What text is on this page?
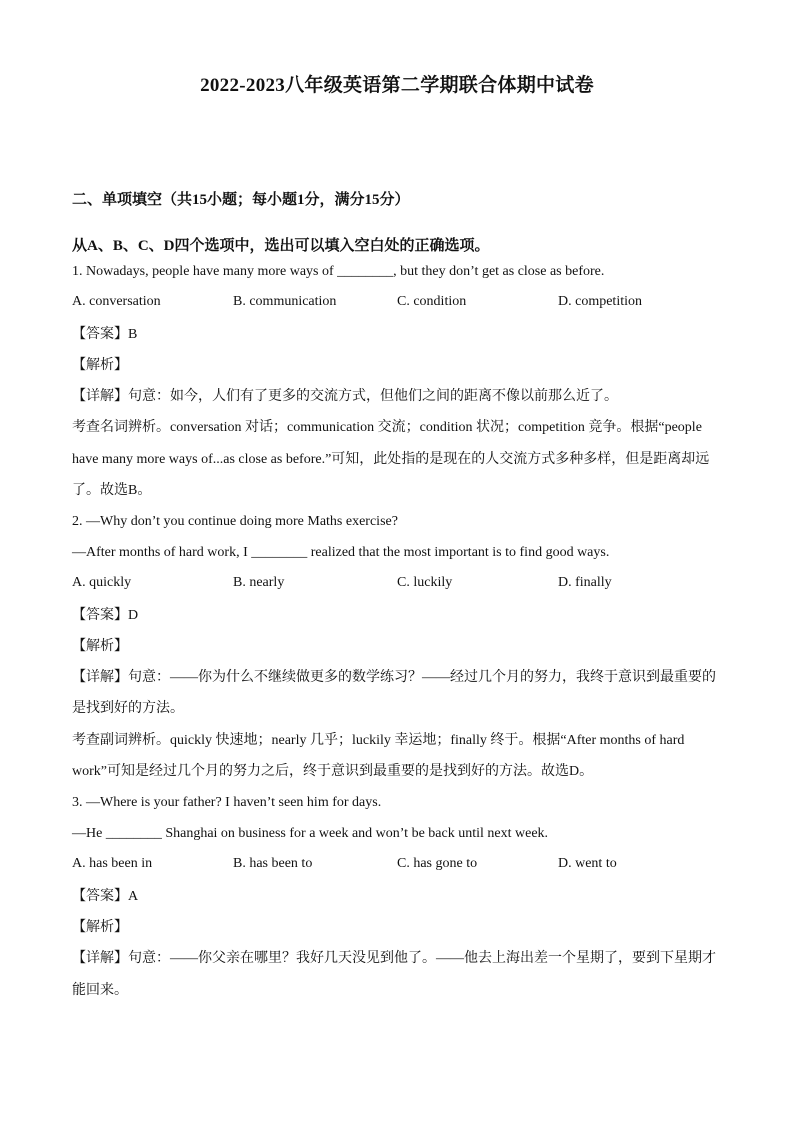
2022-2023八年级英语第二学期联合体期中试卷
二、单项填空（共15小题；每小题1分，满分15分）
从A、B、C、D四个选项中，选出可以填入空白处的正确选项。
1. Nowadays, people have many more ways of ________, but they don’t get as close as before.
A. conversation	B. communication	C. condition	D. competition
【答案】B
【解析】
【详解】句意：如今，人们有了更多的交流方式，但他们之间的距离不像以前那么近了。
考查名词辨析。conversation 对话；communication 交流；condition 状况；competition 竞争。根据“people
have many more ways of...as close as before.”可知，此处指的是现在的人交流方式多种多样，但是距离却远
了。故选B。
2. —Why don’t you continue doing more Maths exercise?
—After months of hard work, I ________ realized that the most important is to find good ways.
A. quickly	B. nearly	C. luckily	D. finally
【答案】D
【解析】
【详解】句意：——你为什么不继续做更多的数学练习？——经过几个月的努力，我终于意识到最重要的
是找到好的方法。
考查副词辨析。quickly 快速地；nearly 几乎；luckily 幸运地；finally 终于。根据“After months of hard
work”可知是经过几个月的努力之后，终于意识到最重要的是找到好的方法。故选D。
3. —Where is your father? I haven’t seen him for days.
—He ________ Shanghai on business for a week and won’t be back until next week.
A. has been in	B. has been to	C. has gone to	D. went to
【答案】A
【解析】
【详解】句意：——你父亲在哪里？我好几天没见到他了。——他去上海出差一个星期了，要到下星期才
能回来。
